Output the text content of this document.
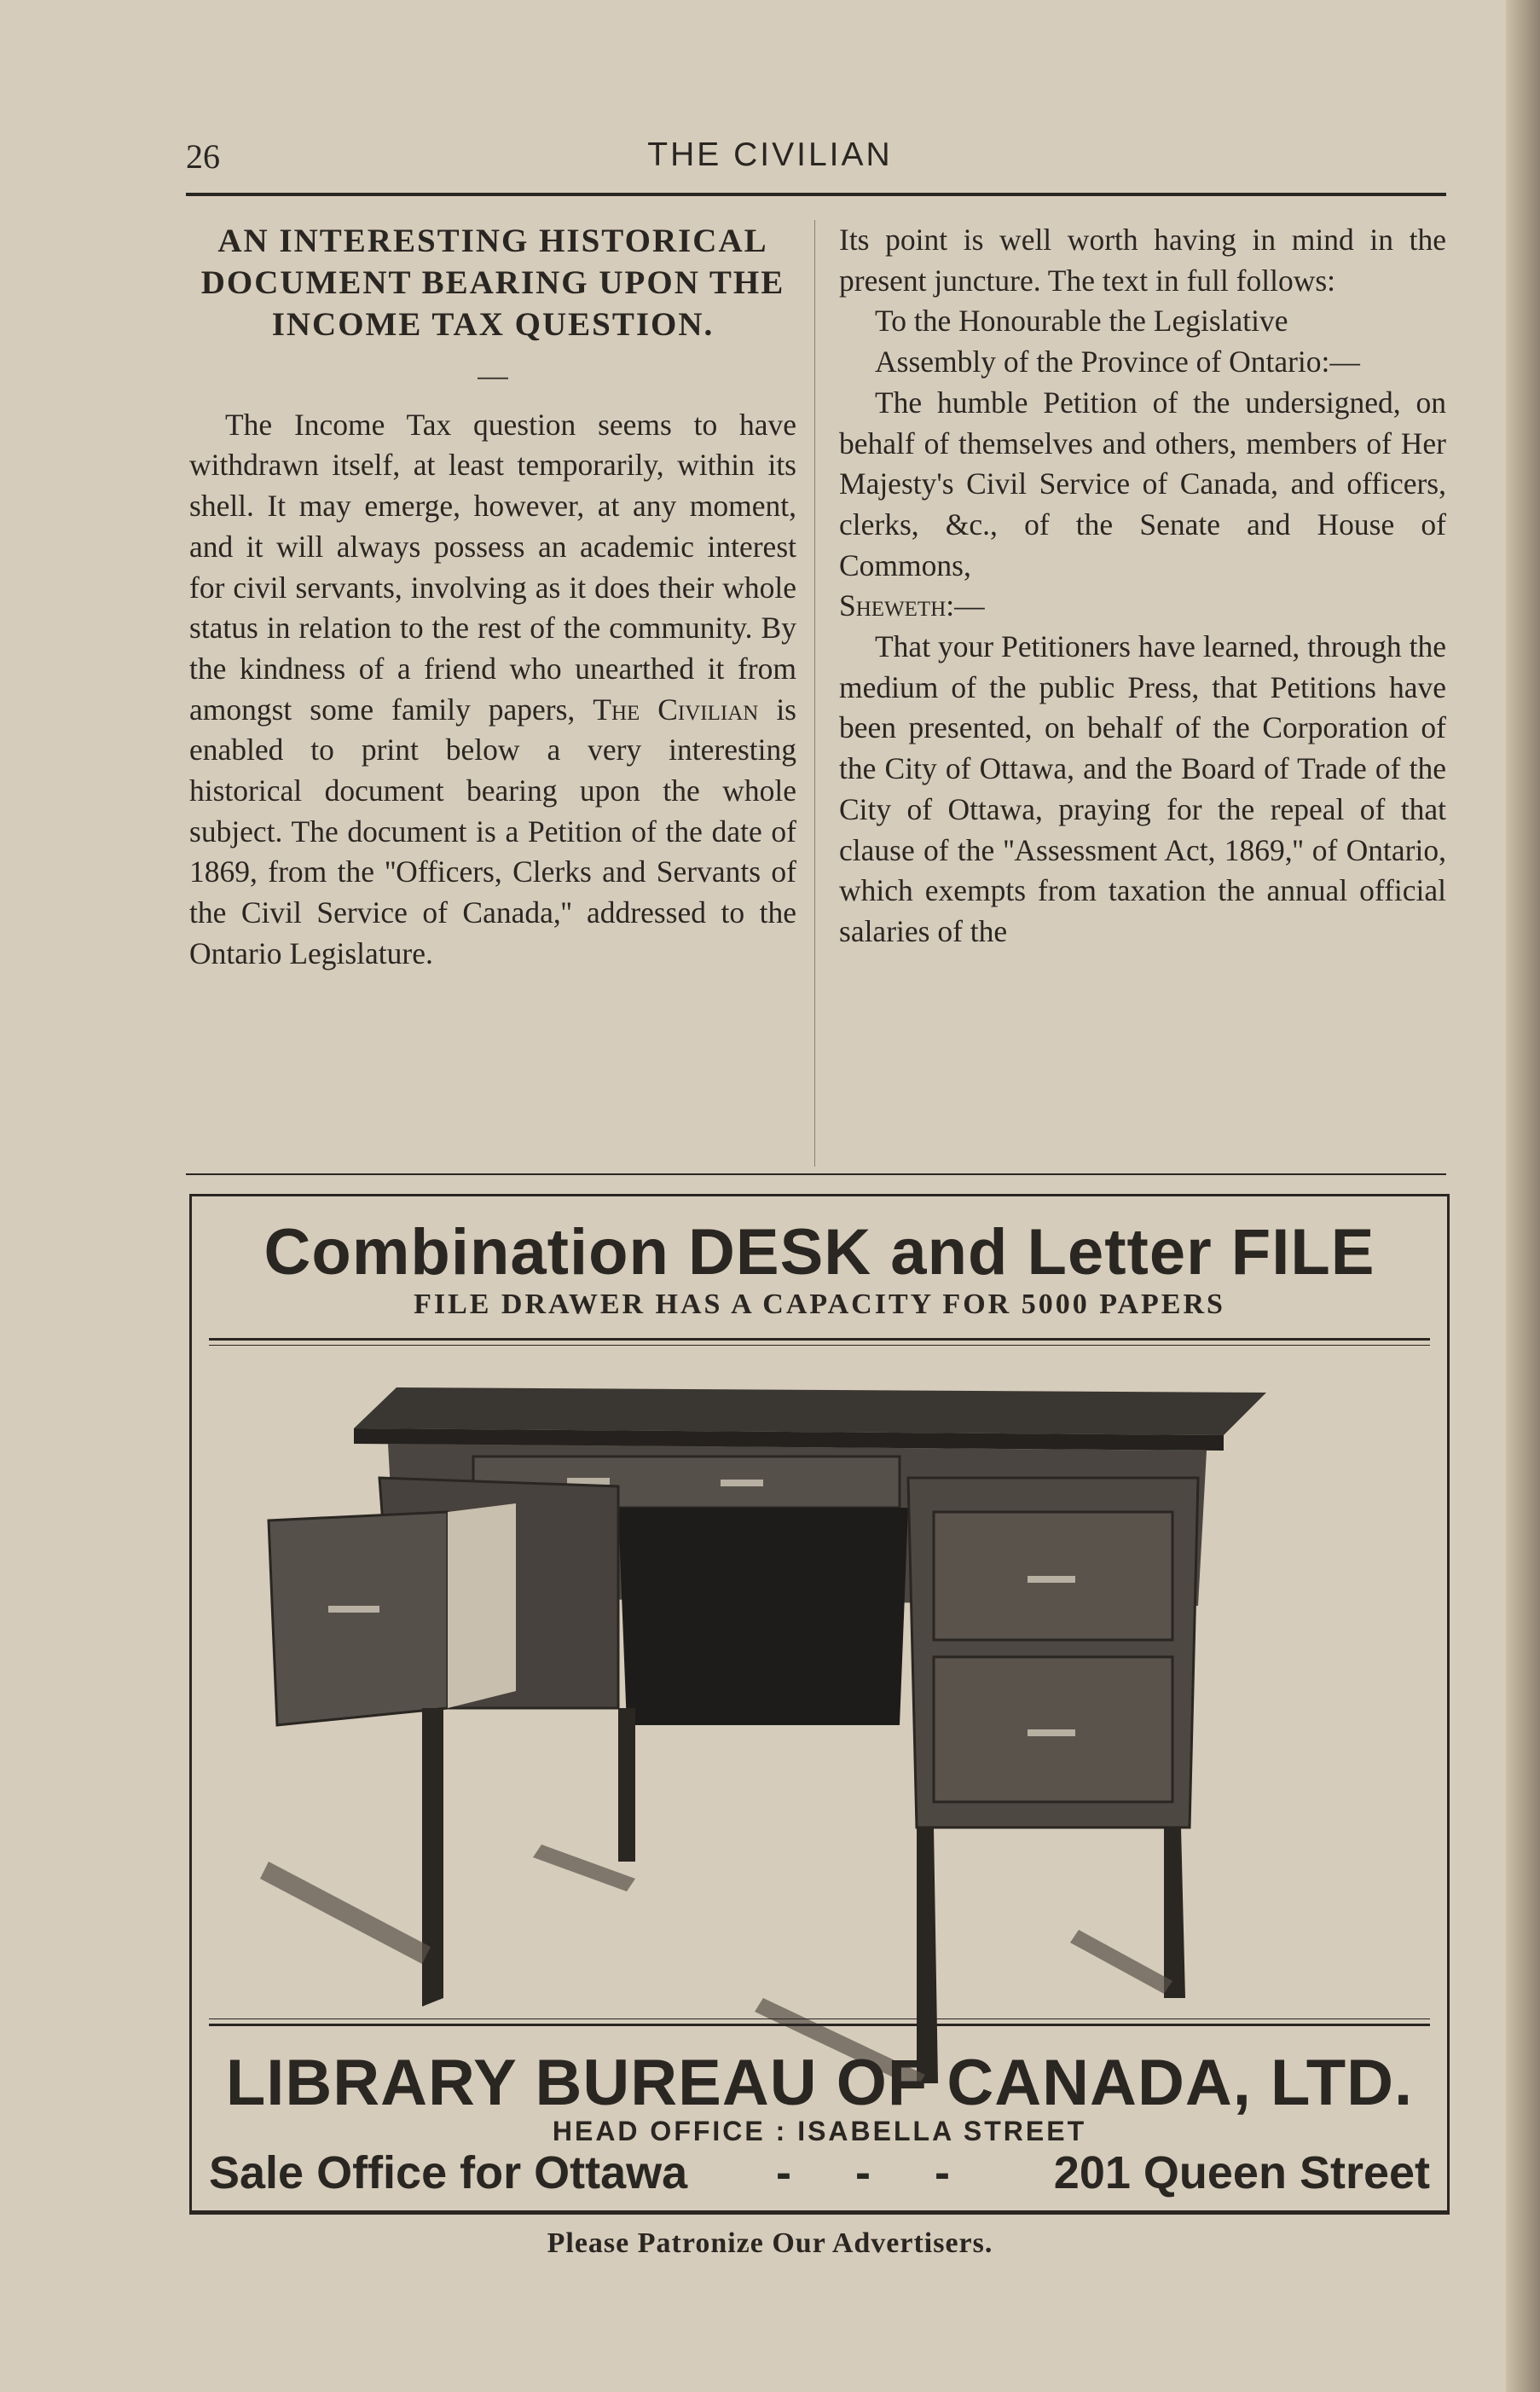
26	THE CIVILIAN
AN INTERESTING HISTORICAL DOCUMENT BEARING UPON THE INCOME TAX QUESTION.
—

The Income Tax question seems to have withdrawn itself, at least temporarily, within its shell. It may emerge, however, at any moment, and it will always possess an academic interest for civil servants, involving as it does their whole status in relation to the rest of the community. By the kindness of a friend who unearthed it from amongst some family papers, The Civilian is enabled to print below a very interesting historical document bearing upon the whole subject. The document is a Petition of the date of 1869, from the ''Officers, Clerks and Servants of the Civil Service of Canada,'' addressed to the Ontario Legislature.

Its point is well worth having in mind in the present juncture. The text in full follows:

To the Honourable the Legislative

Assembly of the Province of Ontario:—

The humble Petition of the undersigned, on behalf of themselves and others, members of Her Majesty's Civil Service of Canada, and officers, clerks, &c., of the Senate and House of Commons,

Sheweth:—

That your Petitioners have learned, through the medium of the public Press, that Petitions have been presented, on behalf of the Corporation of the City of Ottawa, and the Board of Trade of the City of Ottawa, praying for the repeal of that clause of the ''Assessment Act, 1869,'' of Ontario, which exempts from taxation the annual official salaries of the

Combination DESK and Letter FILE
FILE DRAWER HAS A CAPACITY FOR 5000 PAPERS
LIBRARY BUREAU OF CANADA, LTD.
HEAD OFFICE : ISABELLA STREET
Sale Office for Ottawa - - - 201 Queen Street
Please Patronize Our Advertisers.
